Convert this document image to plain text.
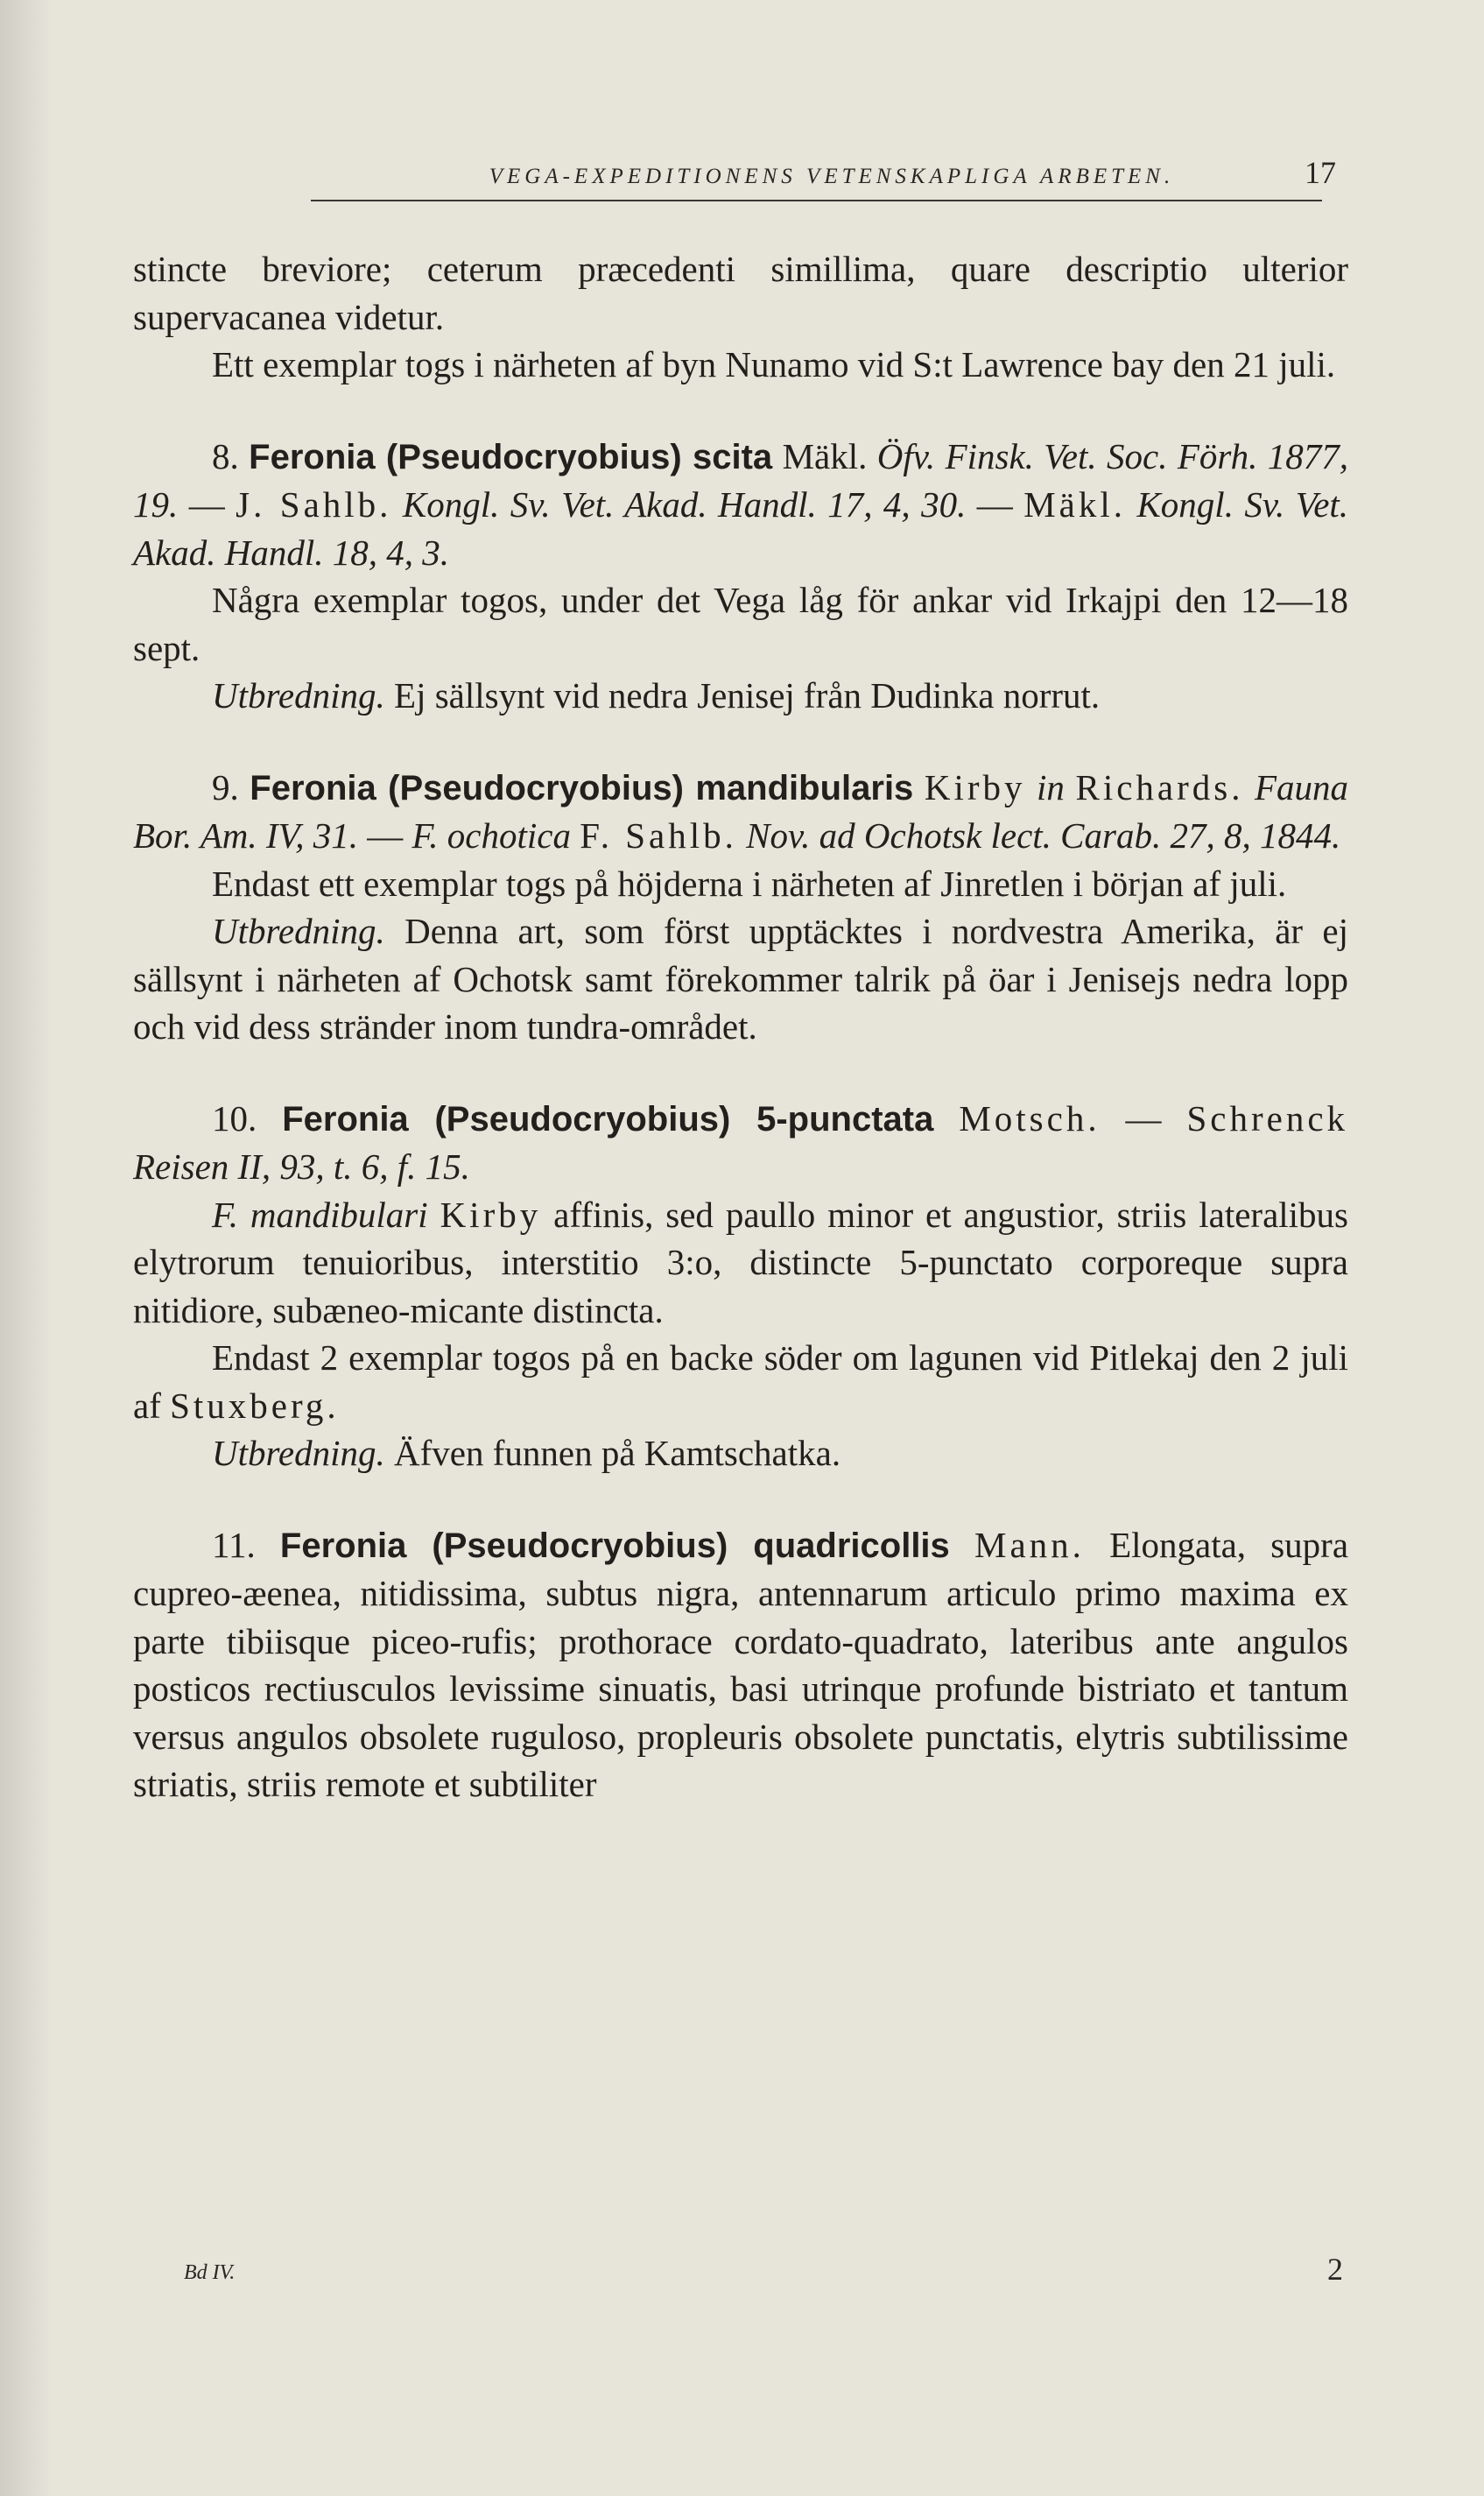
VEGA-EXPEDITIONENS VETENSKAPLIGA ARBETEN.	17

stincte breviore; ceterum præcedenti simillima, quare descriptio ulterior supervacanea videtur.

Ett exemplar togs i närheten af byn Nunamo vid S:t Lawrence bay den 21 juli.

8. Feronia (Pseudocryobius) scita Mäkl. Öfv. Finsk. Vet. Soc. Förh. 1877, 19. — J. Sahlb. Kongl. Sv. Vet. Akad. Handl. 17, 4, 30. — Mäkl. Kongl. Sv. Vet. Akad. Handl. 18, 4, 3.

Några exemplar togos, under det Vega låg för ankar vid Irkajpi den 12—18 sept.

Utbredning. Ej sällsynt vid nedra Jenisej från Dudinka norrut.

9. Feronia (Pseudocryobius) mandibularis Kirby in Richards. Fauna Bor. Am. IV, 31. — F. ochotica F. Sahlb. Nov. ad Ochotsk lect. Carab. 27, 8, 1844.

Endast ett exemplar togs på höjderna i närheten af Jinretlen i början af juli.

Utbredning. Denna art, som först upptäcktes i nordvestra Amerika, är ej sällsynt i närheten af Ochotsk samt förekommer talrik på öar i Jenisejs nedra lopp och vid dess stränder inom tundra-området.

10. Feronia (Pseudocryobius) 5-punctata Motsch. — Schrenck Reisen II, 93, t. 6, f. 15.

F. mandibulari Kirby affinis, sed paullo minor et angustior, striis lateralibus elytrorum tenuioribus, interstitio 3:o, distincte 5-punctato corporeque supra nitidiore, subæneo-micante distincta.

Endast 2 exemplar togos på en backe söder om lagunen vid Pitlekaj den 2 juli af Stuxberg.

Utbredning. Äfven funnen på Kamtschatka.

11. Feronia (Pseudocryobius) quadricollis Mann. Elongata, supra cupreo-æenea, nitidissima, subtus nigra, antennarum articulo primo maxima ex parte tibiisque piceo-rufis; prothorace cordato-quadrato, lateribus ante angulos posticos rectiusculos levissime sinuatis, basi utrinque profunde bistriato et tantum versus angulos obsolete ruguloso, propleuris obsolete punctatis, elytris subtilissime striatis, striis remote et subtiliter

Bd IV.	2
